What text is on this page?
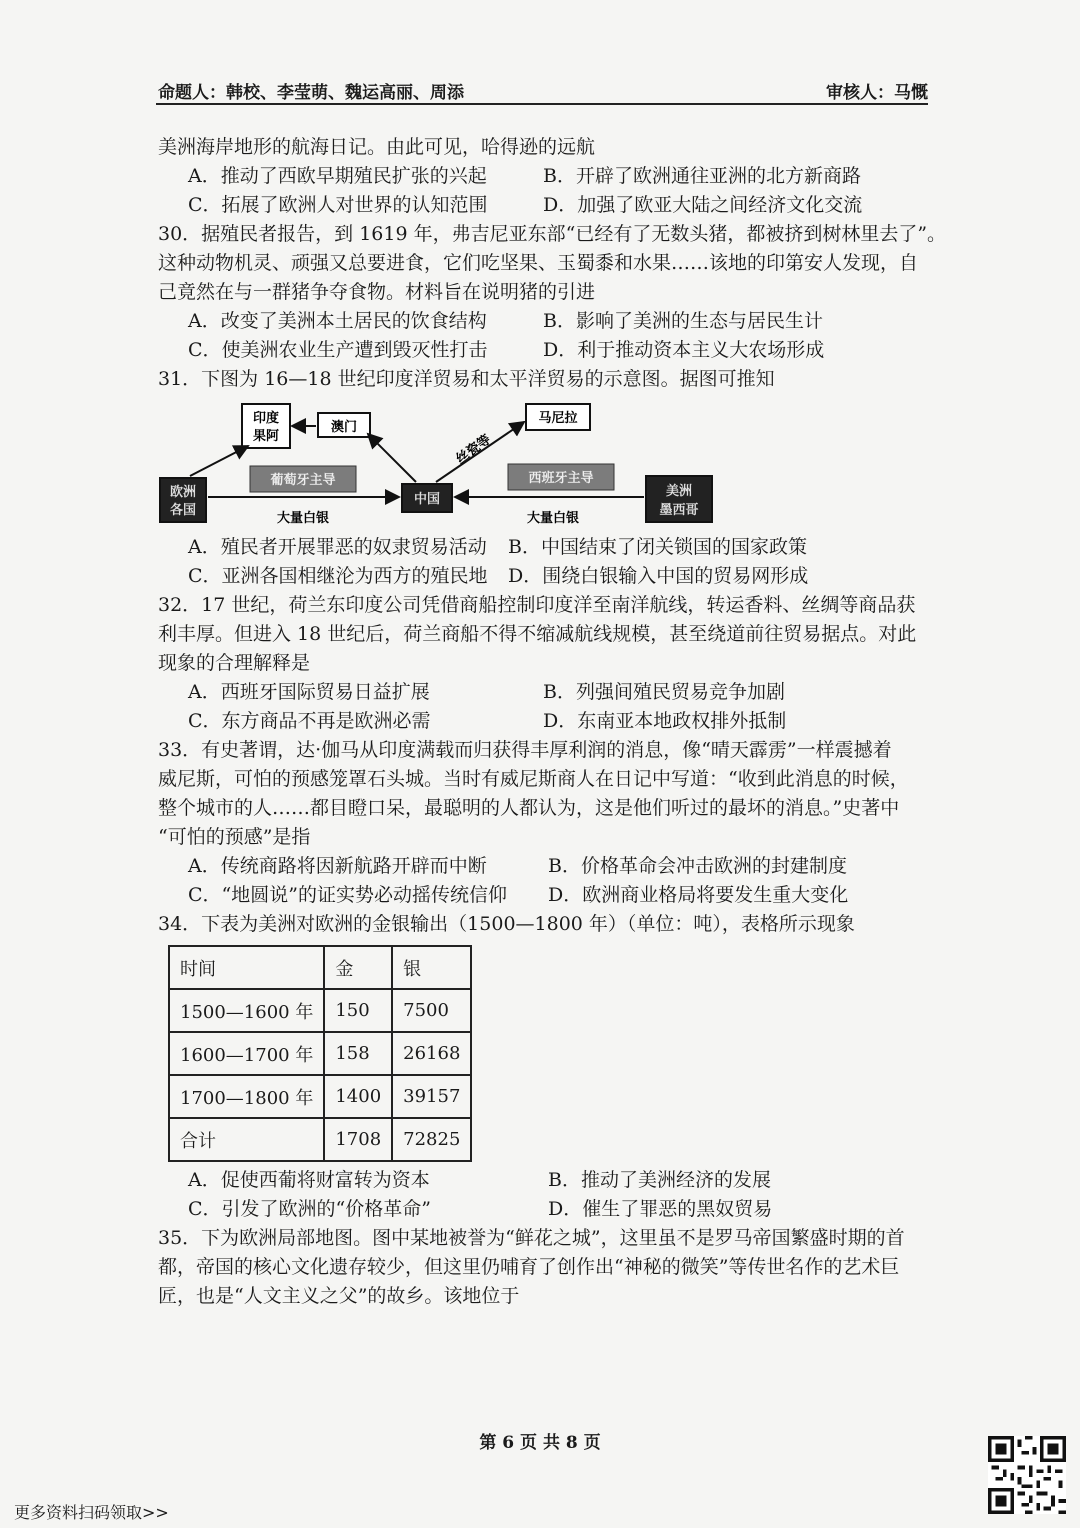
命题人：韩校、李莹萌、魏运高丽、周添	审核人：马慨
美洲海岸地形的航海日记。由此可见，哈得逊的远航
A．推动了西欧早期殖民扩张的兴起	B．开辟了欧洲通往亚洲的北方新商路
C．拓展了欧洲人对世界的认知范围	D．加强了欧亚大陆之间经济文化交流
30．据殖民者报告，到 1619 年，弗吉尼亚东部“已经有了无数头猪，都被挤到树林里去了”。
这种动物机灵、顽强又总要进食，它们吃坚果、玉蜀黍和水果……该地的印第安人发现，自
己竟然在与一群猪争夺食物。材料旨在说明猪的引进
A．改变了美洲本土居民的饮食结构	B．影响了美洲的生态与居民生计
C．使美洲农业生产遭到毁灭性打击	D．利于推动资本主义大农场形成
31．下图为 16—18 世纪印度洋贸易和太平洋贸易的示意图。据图可推知
印度
果阿
澳门
马尼拉
欧洲
各国
中国
美洲
墨西哥
葡萄牙主导	西班牙主导
丝瓷等
大量白银	大量白银
A．殖民者开展罪恶的奴隶贸易活动	B．中国结束了闭关锁国的国家政策
C．亚洲各国相继沦为西方的殖民地	D．围绕白银输入中国的贸易网形成
32．17 世纪，荷兰东印度公司凭借商船控制印度洋至南洋航线，转运香料、丝绸等商品获
利丰厚。但进入 18 世纪后，荷兰商船不得不缩减航线规模，甚至绕道前往贸易据点。对此
现象的合理解释是
A．西班牙国际贸易日益扩展	B．列强间殖民贸易竞争加剧
C．东方商品不再是欧洲必需	D．东南亚本地政权排外抵制
33．有史著谓，达·伽马从印度满载而归获得丰厚利润的消息，像“晴天霹雳”一样震撼着
威尼斯，可怕的预感笼罩石头城。当时有威尼斯商人在日记中写道：“收到此消息的时候，
整个城市的人……都目瞪口呆，最聪明的人都认为，这是他们听过的最坏的消息。”史著中
“可怕的预感”是指
A．传统商路将因新航路开辟而中断	B．价格革命会冲击欧洲的封建制度
C．“地圆说”的证实势必动摇传统信仰	D．欧洲商业格局将要发生重大变化
34．下表为美洲对欧洲的金银输出（1500—1800 年）（单位：吨），表格所示现象
时间	金	银
1500—1600 年	150	7500
1600—1700 年	158	26168
1700—1800 年	1400	39157
合计	1708	72825
A．促使西葡将财富转为资本	B．推动了美洲经济的发展
C．引发了欧洲的“价格革命”	D．催生了罪恶的黑奴贸易
35．下为欧洲局部地图。图中某地被誉为“鲜花之城”，这里虽不是罗马帝国繁盛时期的首
都，帝国的核心文化遗存较少，但这里仍哺育了创作出“神秘的微笑”等传世名作的艺术巨
匠，也是“人文主义之父”的故乡。该地位于
第 6 页 共 8 页
更多资料扫码领取>>
